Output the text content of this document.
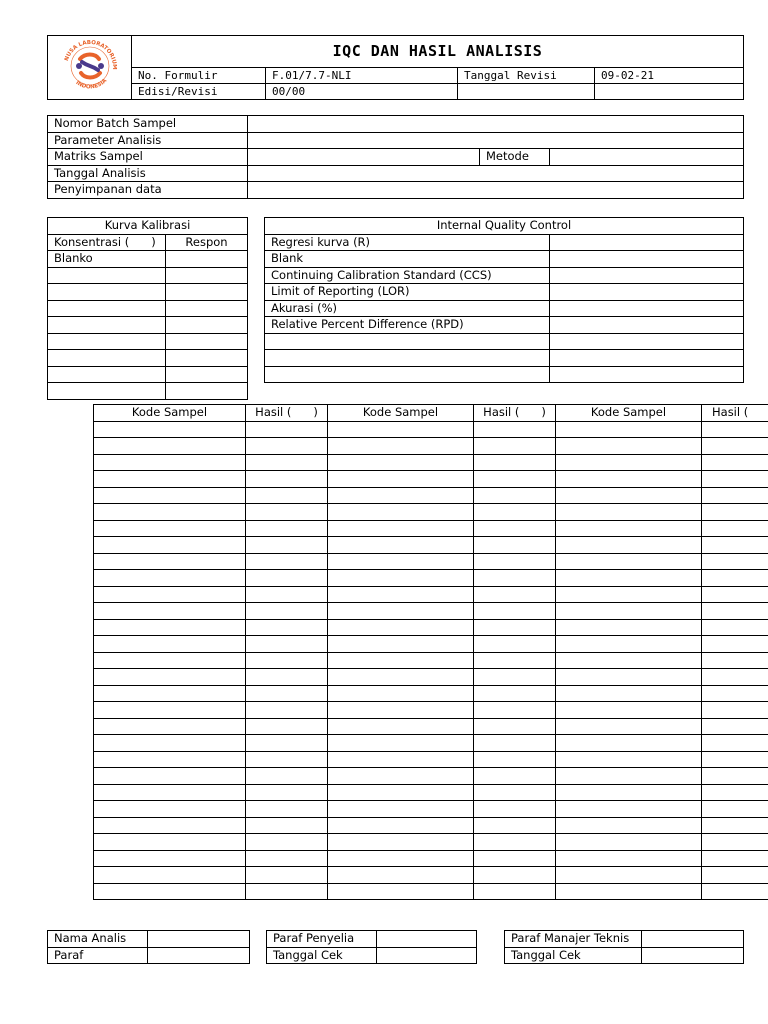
NUSA LABORATORIUM
INDONESIA	IQC DAN HASIL ANALISIS			
	No. Formulir	F.01/7.7-NLI	Tanggal Revisi	09-02-21
	Edisi/Revisi	00/00		
Nomor Batch Sampel			
Parameter Analisis			
Matriks Sampel		Metode	
Tanggal Analisis			
Penyimpanan data			
Kurva Kalibrasi	
Konsentrasi (      )	Respon
Blanko	

Internal Quality Control	
Regresi kurva (R)	
Blank	
Continuing Calibration Standard (CCS)	
Limit of Reporting (LOR)	
Akurasi (%)	
Relative Percent Difference (RPD)	

Kode Sampel	Hasil (      )	Kode Sampel	Hasil (      )	Kode Sampel	Hasil (

Nama Analis	
Paraf	
Paraf Penyelia	
Tanggal Cek	
Paraf Manajer Teknis	
Tanggal Cek	
